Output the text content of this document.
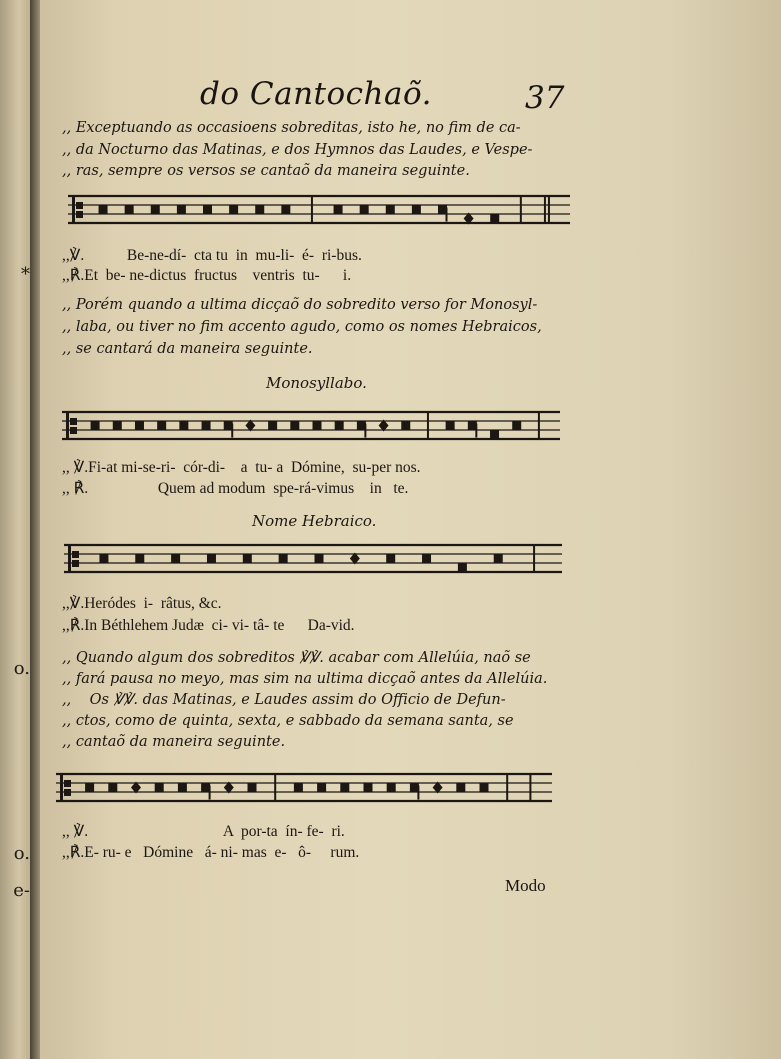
*
o.
o.
e-
do Cantochaõ.	37
,, Exceptuando as occasioens sobreditas, isto he, no fim de ca-
,, da Nocturno das Matinas, e dos Hymnos das Laudes, e Vespe-
,, ras, sempre os versos se cantaõ da maneira seguinte.
,,℣.           Be-ne-dí-  cta tu  in  mu-li-  é-  ri-bus.
,,℟.Et  be- ne-dictus  fructus    ventris  tu-      i.
,, Porém quando a ultima dicçaõ do sobredito verso for Monosyl-
,, laba, ou tiver no fim accento agudo, como os nomes Hebraicos,
,, se cantará da maneira seguinte.
Monosyllabo.
,, ℣.Fi-at mi-se-ri-  cór-di-    a  tu- a  Dómine,  su-per nos.
,, ℟.                  Quem ad modum  spe-rá-vimus    in   te.
Nome Hebraico.
,,℣.Heródes  i-  râtus, &c.
,,℟.In Béthlehem Judæ  ci- vi- tâ- te      Da-vid.
,, Quando algum dos sobreditos ℣℣. acabar com Allelúia, naõ se
,, fará pausa no meyo, mas sim na ultima dicçaõ antes da Allelúia.
,,    Os ℣℣. das Matinas, e Laudes assim do Officio de Defun-
,, ctos, como de quinta, sexta, e sabbado da semana santa, se
,, cantaõ da maneira seguinte.
,, ℣.                                   A  por-ta  ín- fe-  ri.
,,℟.E- ru- e   Dómine   á- ni- mas  e-   ô-     rum.
Modo
